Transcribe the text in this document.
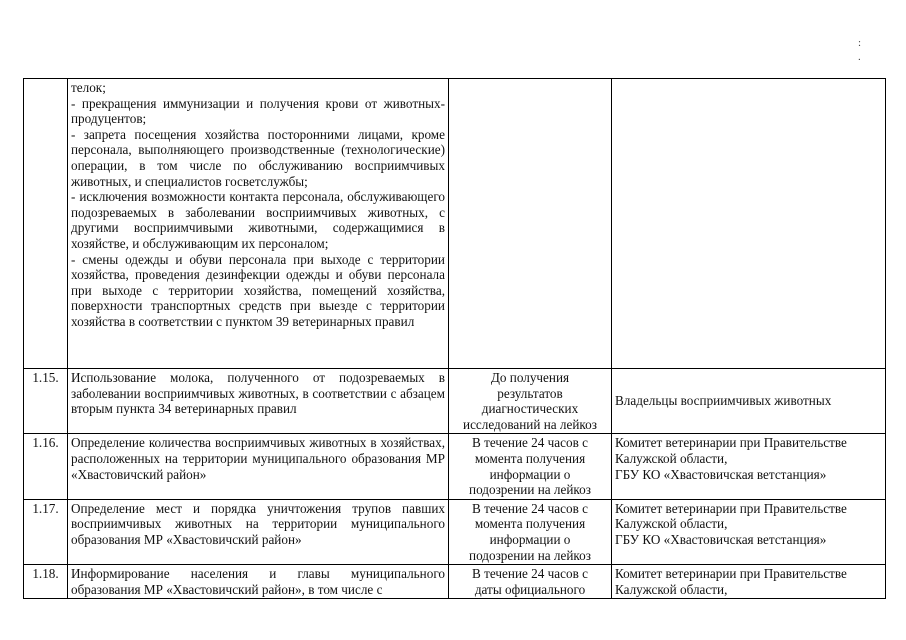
:
.

	телок;
- прекращения иммунизации и получения крови от животных-продуцентов;
- запрета посещения хозяйства посторонними лицами, кроме персонала, выполняющего производственные (технологические) операции, в том числе по обслуживанию восприимчивых животных, и специалистов госветслужбы;
- исключения возможности контакта персонала, обслуживающего подозреваемых в заболевании восприимчивых животных, с другими восприимчивыми животными, содержащимися в хозяйстве, и обслуживающим их персоналом;
- смены одежды и обуви персонала при выходе с территории хозяйства, проведения дезинфекции одежды и обуви персонала при выходе с территории хозяйства, помещений хозяйства, поверхности транспортных средств при выезде с территории хозяйства в соответствии с пунктом 39 ветеринарных правил		

1.15.	Использование молока, полученного от подозреваемых в заболевании восприимчивых животных, в соответствии с абзацем вторым пункта 34 ветеринарных правил	До получения
результатов
диагностических
исследований на лейкоз	Владельцы восприимчивых животных

1.16.	Определение количества восприимчивых животных в хозяйствах, расположенных на территории муниципального образования МР «Хвастовичский район»	В течение 24 часов с
момента получения
информации о
подозрении на лейкоз	Комитет ветеринарии при Правительстве
Калужской области,
ГБУ КО «Хвастовичская ветстанция»

1.17.	Определение мест и порядка уничтожения трупов павших восприимчивых животных на территории муниципального образования МР «Хвастовичский район»	В течение 24 часов с
момента получения
информации о
подозрении на лейкоз	Комитет ветеринарии при Правительстве
Калужской области,
ГБУ КО «Хвастовичская ветстанция»

1.18.	Информирование населения и главы муниципального образования МР «Хвастовичский район», в том числе с	В течение 24 часов с
даты официального	Комитет ветеринарии при Правительстве
Калужской области,
